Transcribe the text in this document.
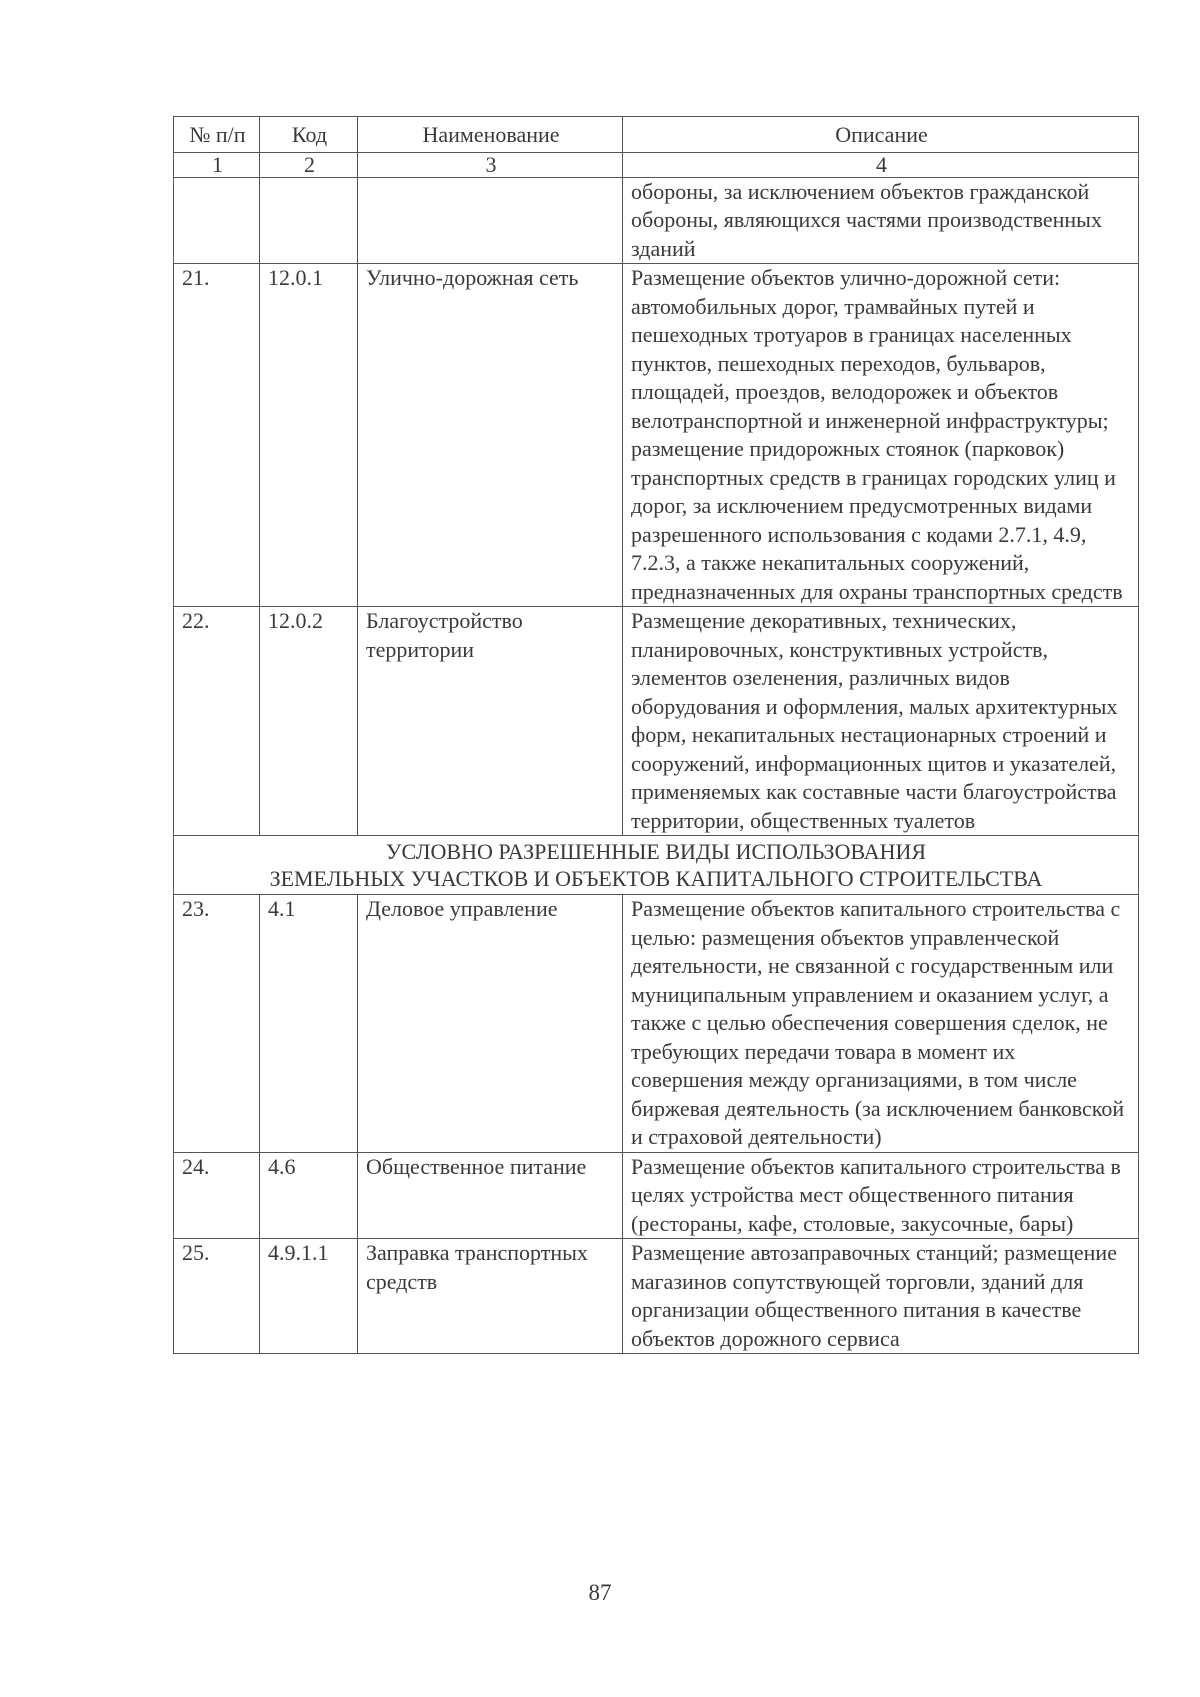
№ п/п	Код	Наименование	Описание
1	2	3	4
			обороны, за исключением объектов гражданской обороны, являющихся частями производственных зданий
21.	12.0.1	Улично-дорожная сеть	Размещение объектов улично-дорожной сети: автомобильных дорог, трамвайных путей и пешеходных тротуаров в границах населенных пунктов, пешеходных переходов, бульваров, площадей, проездов, велодорожек и объектов велотранспортной и инженерной инфраструктуры; размещение придорожных стоянок (парковок) транспортных средств в границах городских улиц и дорог, за исключением предусмотренных видами разрешенного использования с кодами 2.7.1, 4.9, 7.2.3, а также некапитальных сооружений, предназначенных для охраны транспортных средств
22.	12.0.2	Благоустройство территории	Размещение декоративных, технических, планировочных, конструктивных устройств, элементов озеленения, различных видов оборудования и оформления, малых архитектурных форм, некапитальных нестационарных строений и сооружений, информационных щитов и указателей, применяемых как составные части благоустройства территории, общественных туалетов

УСЛОВНО РАЗРЕШЕННЫЕ ВИДЫ ИСПОЛЬЗОВАНИЯ
ЗЕМЕЛЬНЫХ УЧАСТКОВ И ОБЪЕКТОВ КАПИТАЛЬНОГО СТРОИТЕЛЬСТВА			

23.	4.1	Деловое управление	Размещение объектов капитального строительства с целью: размещения объектов управленческой деятельности, не связанной с государственным или муниципальным управлением и оказанием услуг, а также с целью обеспечения совершения сделок, не требующих передачи товара в момент их совершения между организациями, в том числе биржевая деятельность (за исключением банковской и страховой деятельности)
24.	4.6	Общественное питание	Размещение объектов капитального строительства в целях устройства мест общественного питания (рестораны, кафе, столовые, закусочные, бары)
25.	4.9.1.1	Заправка транспортных средств	Размещение автозаправочных станций; размещение магазинов сопутствующей торговли, зданий для организации общественного питания в качестве объектов дорожного сервиса
87
